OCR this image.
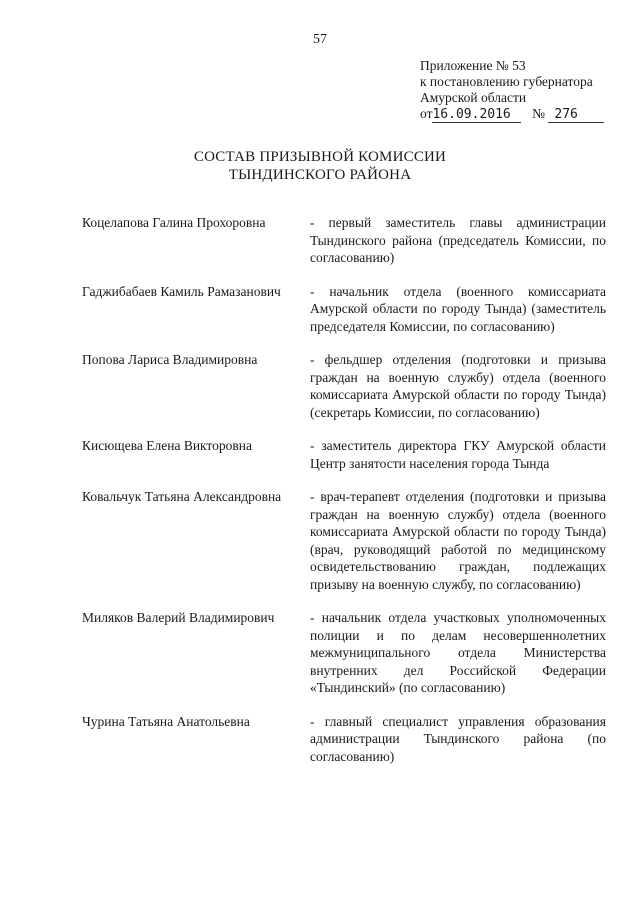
57
Приложение № 53
к постановлению губернатора
Амурской области
от16.09.2016 № 276
СОСТАВ ПРИЗЫВНОЙ КОМИССИИ
ТЫНДИНСКОГО РАЙОНА
Коцелапова Галина Прохоровна	- первый заместитель главы администрации Тындинского района (председатель Комиссии, по согласованию)
Гаджибабаев Камиль Рамазанович	- начальник отдела (военного комиссариата Амурской области по городу Тында) (заместитель председателя Комиссии, по согласованию)
Попова Лариса Владимировна	- фельдшер отделения (подготовки и призыва граждан на военную службу) отдела (военного комиссариата Амурской области по городу Тында) (секретарь Комиссии, по согласованию)
Кисющева Елена Викторовна	- заместитель директора ГКУ Амурской области Центр занятости населения города Тында
Ковальчук Татьяна Александровна	- врач-терапевт отделения (подготовки и призыва граждан на военную службу) отдела (военного комиссариата Амурской области по городу Тында) (врач, руководящий работой по медицинскому освидетельствованию граждан, подлежащих призыву на военную службу, по согласованию)
Миляков Валерий Владимирович	- начальник отдела участковых уполномоченных полиции и по делам несовершеннолетних межмуниципального отдела Министерства внутренних дел Российской Федерации «Тындинский» (по согласованию)
Чурина Татьяна Анатольевна	- главный специалист управления образования администрации Тындинского района (по согласованию)
